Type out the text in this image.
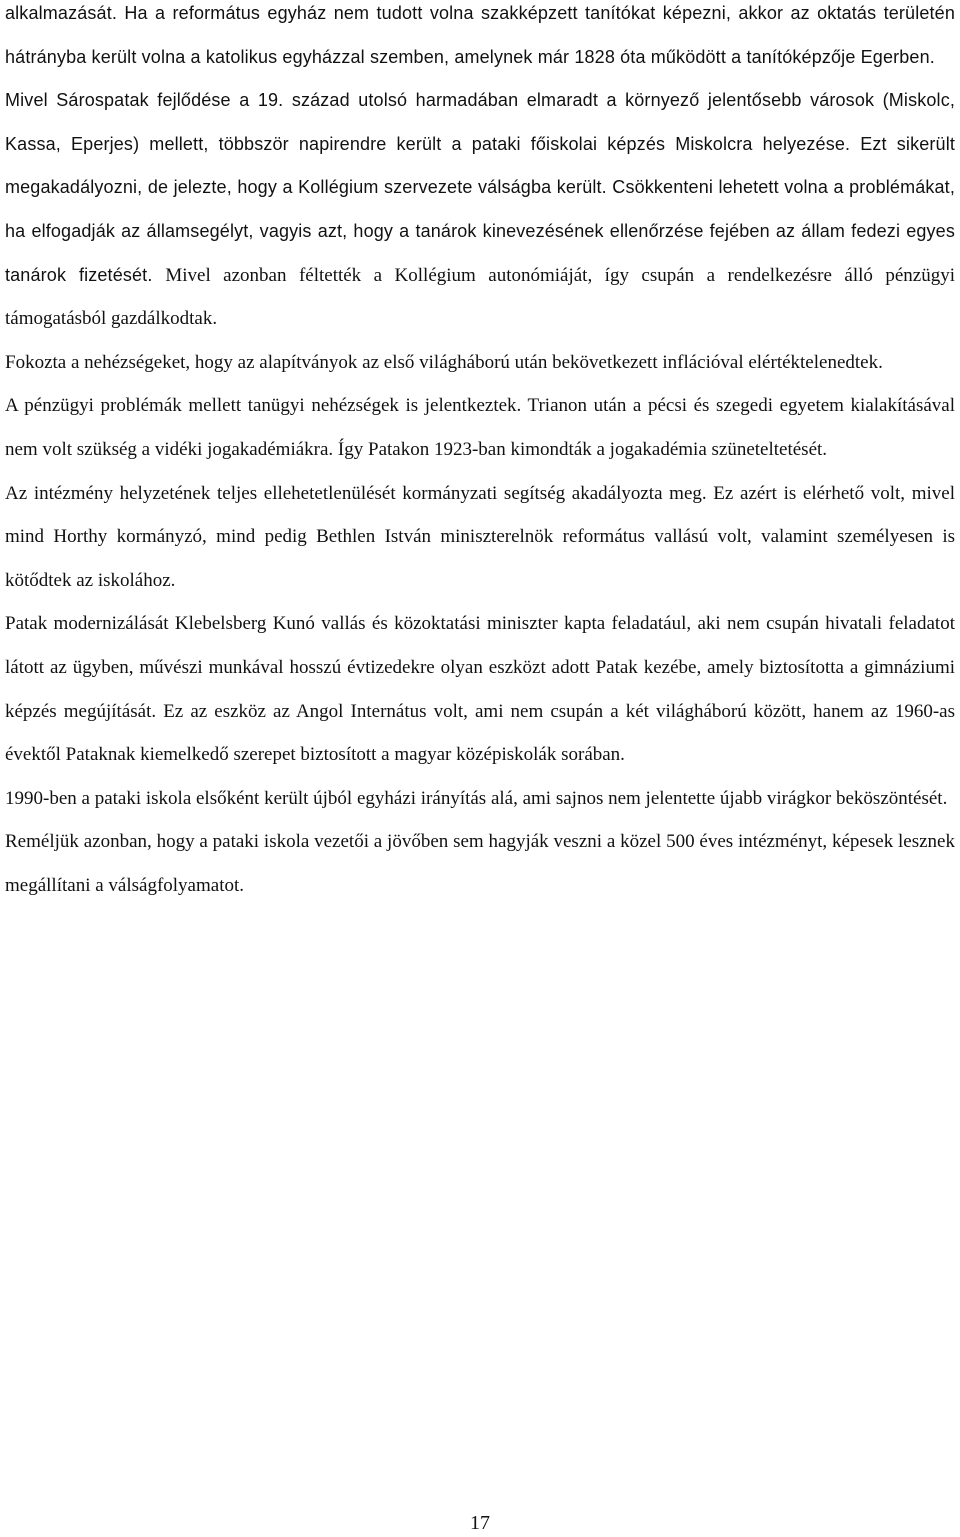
alkalmazását. Ha a református egyház nem tudott volna szakképzett tanítókat képezni, akkor az oktatás területén hátrányba került volna a katolikus egyházzal szemben, amelynek már 1828 óta működött a tanítóképzője Egerben.

Mivel Sárospatak fejlődése a 19. század utolsó harmadában elmaradt a környező jelentősebb városok (Miskolc, Kassa, Eperjes) mellett, többször napirendre került a pataki főiskolai képzés Miskolcra helyezése. Ezt sikerült megakadályozni, de jelezte, hogy a Kollégium szervezete válságba került. Csökkenteni lehetett volna a problémákat, ha elfogadják az államsegélyt, vagyis azt, hogy a tanárok kinevezésének ellenőrzése fejében az állam fedezi egyes tanárok fizetését. Mivel azonban féltették a Kollégium autonómiáját, így csupán a rendelkezésre álló pénzügyi támogatásból gazdálkodtak.

Fokozta a nehézségeket, hogy az alapítványok az első világháború után bekövetkezett inflációval elértéktelenedtek.

A pénzügyi problémák mellett tanügyi nehézségek is jelentkeztek. Trianon után a pécsi és szegedi egyetem kialakításával nem volt szükség a vidéki jogakadémiákra. Így Patakon 1923-ban kimondták a jogakadémia szüneteltetését.

Az intézmény helyzetének teljes ellehetetlenülését kormányzati segítség akadályozta meg. Ez azért is elérhető volt, mivel mind Horthy kormányzó, mind pedig Bethlen István miniszterelnök református vallású volt, valamint személyesen is kötődtek az iskolához.

Patak modernizálását Klebelsberg Kunó vallás és közoktatási miniszter kapta feladatául, aki nem csupán hivatali feladatot látott az ügyben, művészi munkával hosszú évtizedekre olyan eszközt adott Patak kezébe, amely biztosította a gimnáziumi képzés megújítását. Ez az eszköz az Angol Internátus volt, ami nem csupán a két világháború között, hanem az 1960-as évektől Pataknak kiemelkedő szerepet biztosított a magyar középiskolák sorában.

1990-ben a pataki iskola elsőként került újból egyházi irányítás alá, ami sajnos nem jelentette újabb virágkor beköszöntését.

Reméljük azonban, hogy a pataki iskola vezetői a jövőben sem hagyják veszni a közel 500 éves intézményt, képesek lesznek megállítani a válságfolyamatot.

17
